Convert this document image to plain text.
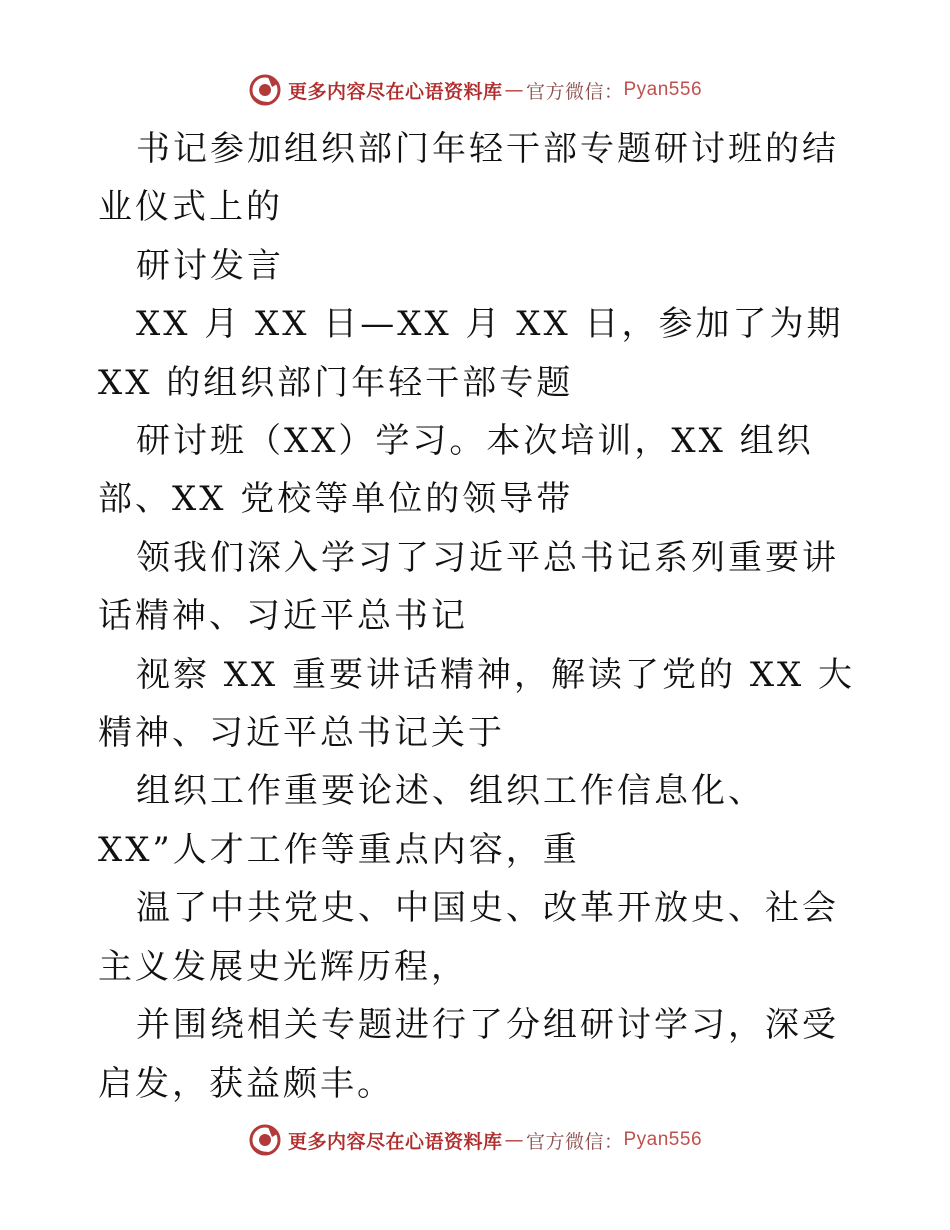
更多内容尽在心语资料库 — 官方微信： Pyan556

书记参加组织部门年轻干部专题研讨班的结业仪式上的

研讨发言

XX 月 XX 日—XX 月 XX 日，参加了为期 XX 的组织部门年轻干部专题

研讨班（XX）学习。本次培训，XX 组织部、XX 党校等单位的领导带

领我们深入学习了习近平总书记系列重要讲话精神、习近平总书记

视察 XX 重要讲话精神，解读了党的 XX 大精神、习近平总书记关于

组织工作重要论述、组织工作信息化、XX”人才工作等重点内容，重

温了中共党史、中国史、改革开放史、社会主义发展史光辉历程，

并围绕相关专题进行了分组研讨学习，深受启发，获益颇丰。

更多内容尽在心语资料库 — 官方微信： Pyan556
